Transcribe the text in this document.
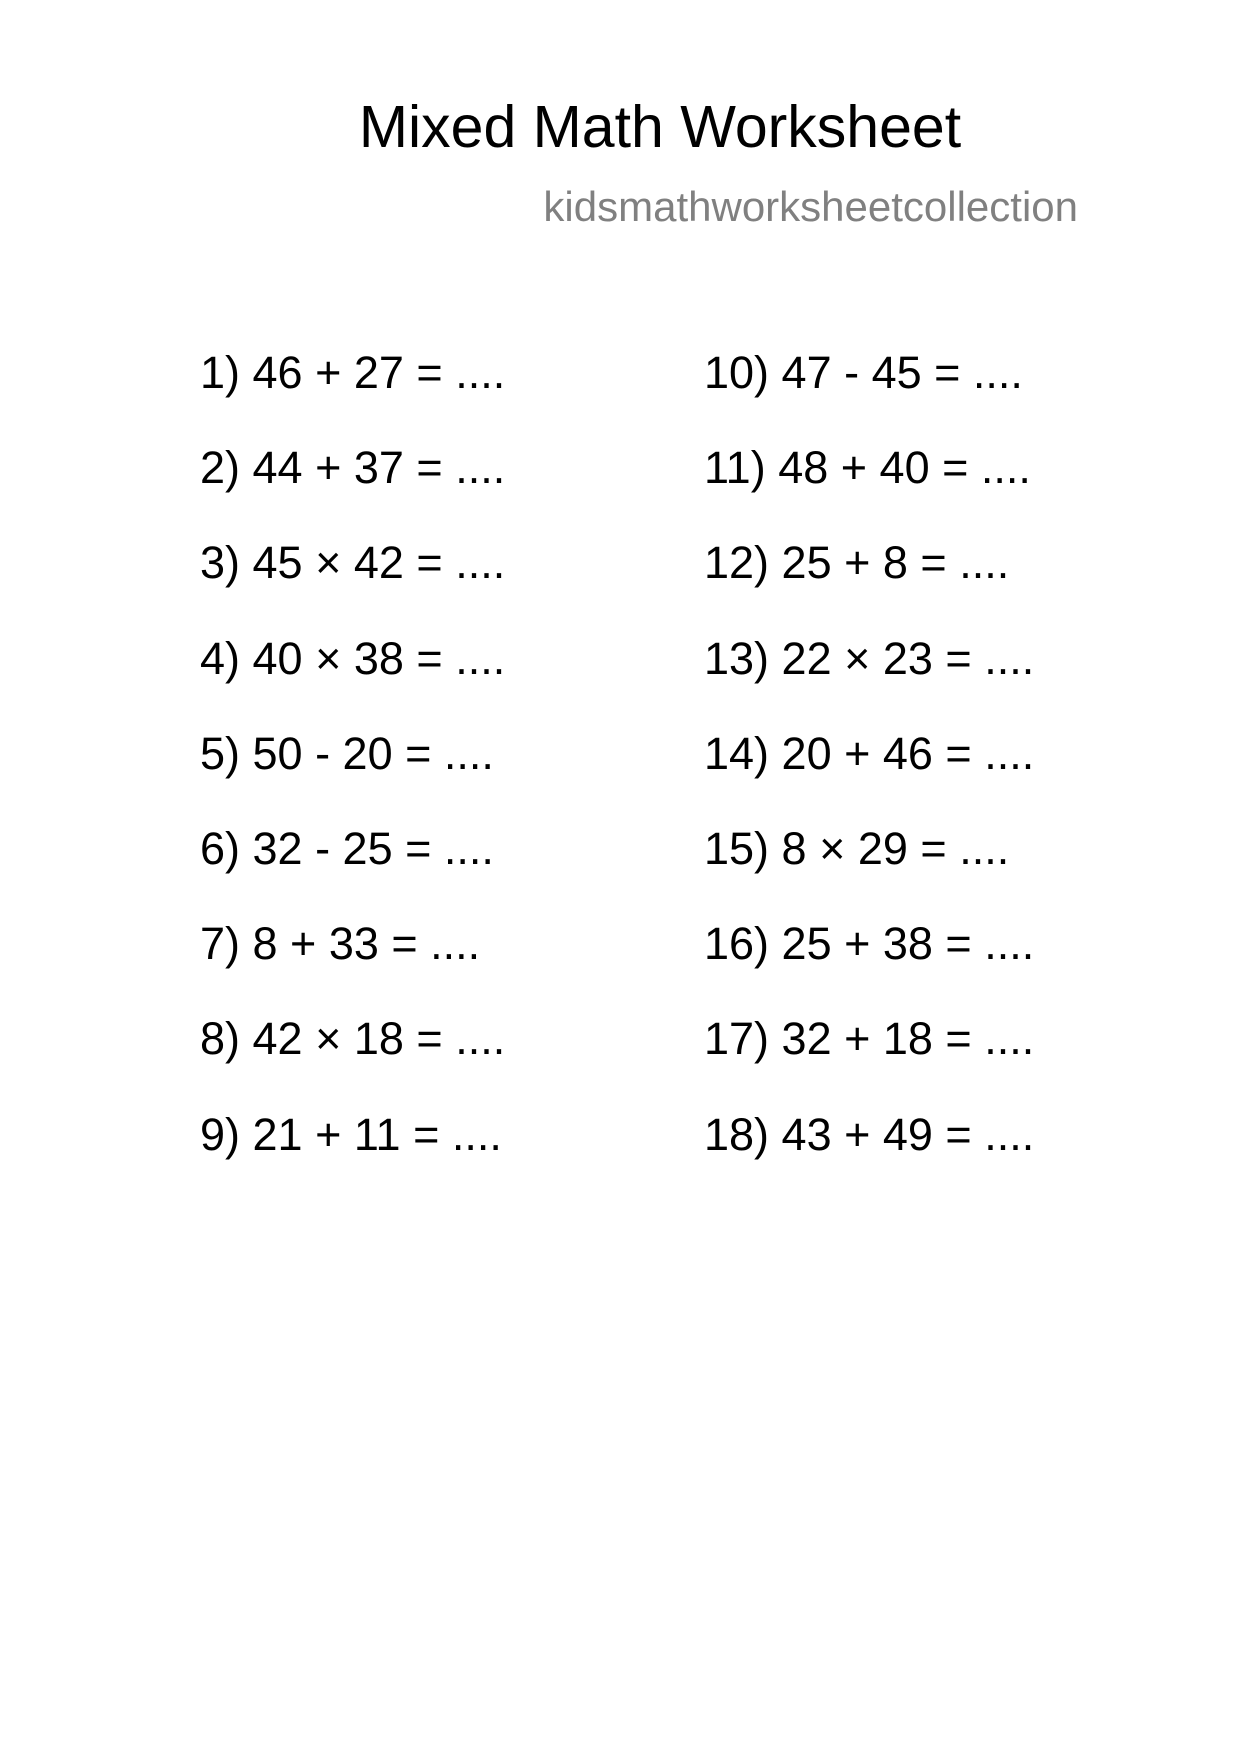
Mixed Math Worksheet
kidsmathworksheetcollection
1) 46 + 27 = ....
2) 44 + 37 = ....
3) 45 × 42 = ....
4) 40 × 38 = ....
5) 50 - 20 = ....
6) 32 - 25 = ....
7) 8 + 33 = ....
8) 42 × 18 = ....
9) 21 + 11 = ....
10) 47 - 45 = ....
11) 48 + 40 = ....
12) 25 + 8 = ....
13) 22 × 23 = ....
14) 20 + 46 = ....
15) 8 × 29 = ....
16) 25 + 38 = ....
17) 32 + 18 = ....
18) 43 + 49 = ....
